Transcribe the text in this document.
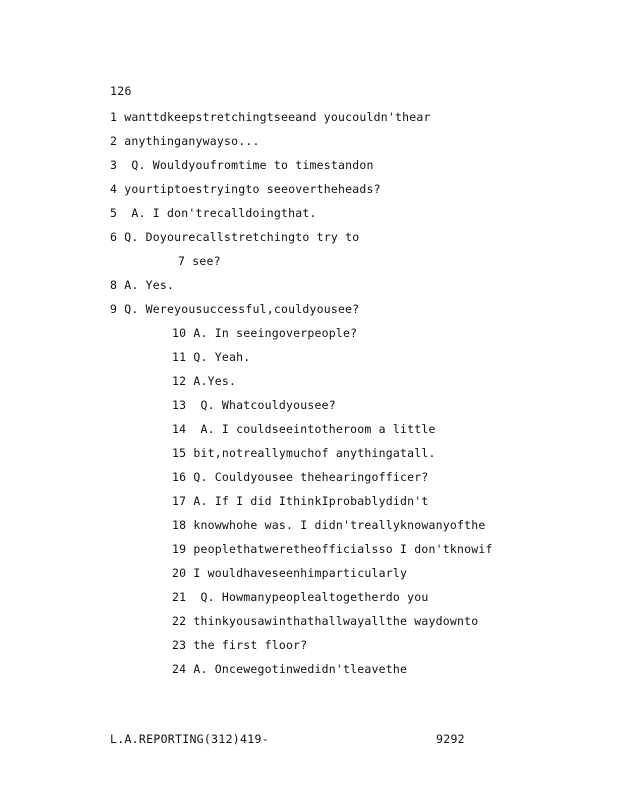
126
1 wanttdkeepstretchingtseeand youcouldn'thear
2 anythinganywayso...
3  Q. Wouldyoufromtime to timestandon
4 yourtiptoestryingto seeovertheheads?
5  A. I don'trecalldoingthat.
6 Q. Doyourecallstretchingto try to
7 see?
8 A. Yes.
9 Q. Wereyousuccessful,couldyousee?
10 A. In seeingoverpeople?
11 Q. Yeah.
12 A.Yes.
13  Q. Whatcouldyousee?
14  A. I couldseeintotheroom a little
15 bit,notreallymuchof anythingatall.
16 Q. Couldyousee thehearingofficer?
17 A. If I did IthinkIprobablydidn't
18 knowwhohe was. I didn'treallyknowanyofthe
19 peoplethatweretheofficialsso I don'tknowif
20 I wouldhaveseenhimparticularly
21  Q. Howmanypeoplealtogetherdo you
22 thinkyousawinthathallwayallthe waydownto
23 the first floor?
24 A. Oncewegotinwedidn'tleavethe
L.A.REPORTING(312)419-	9292
